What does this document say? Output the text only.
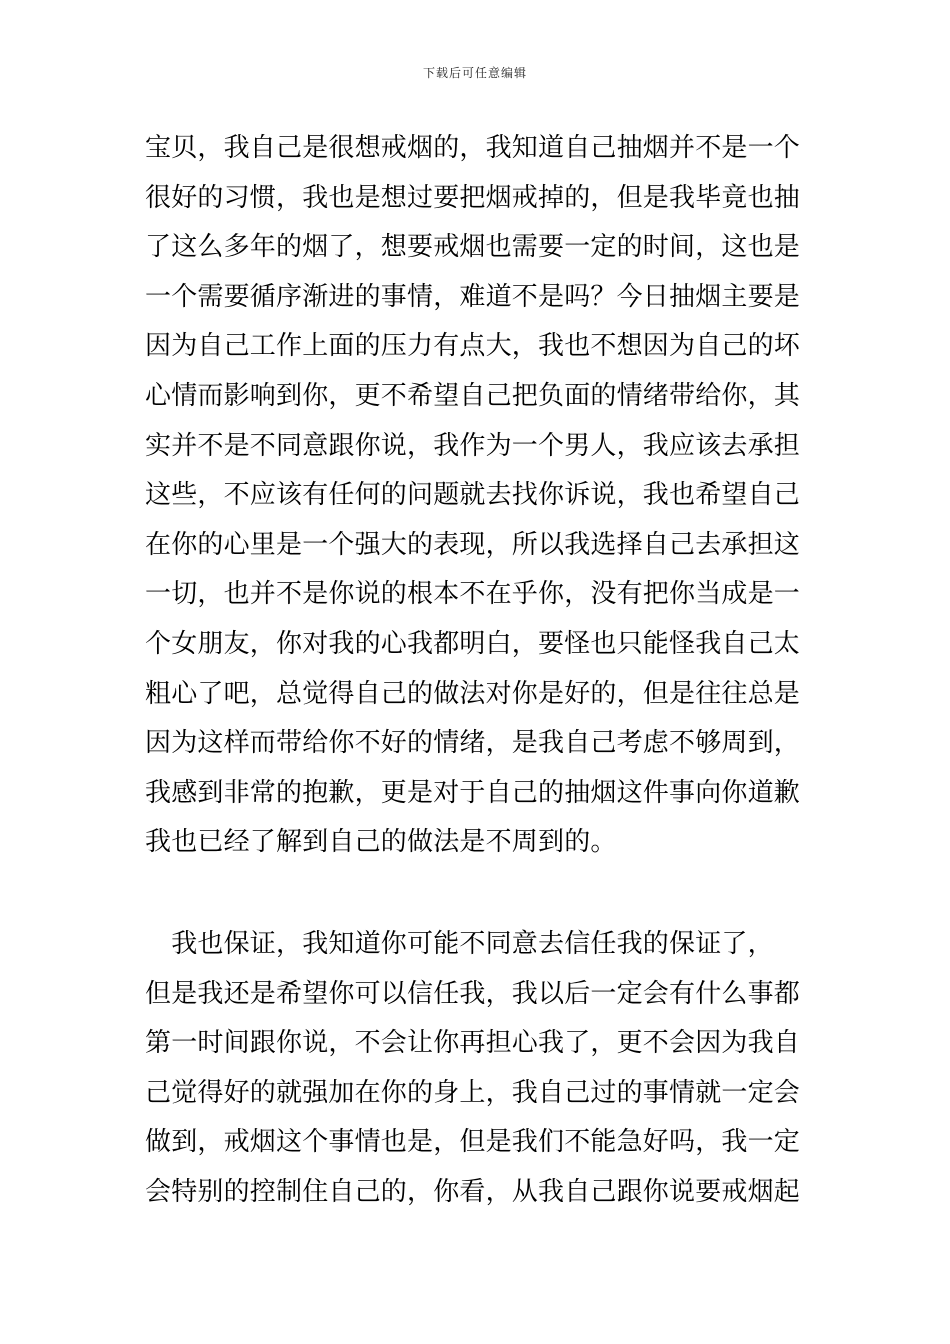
下载后可任意编辑
宝贝，我自己是很想戒烟的，我知道自己抽烟并不是一个
很好的习惯，我也是想过要把烟戒掉的，但是我毕竟也抽
了这么多年的烟了，想要戒烟也需要一定的时间，这也是
一个需要循序渐进的事情，难道不是吗？今日抽烟主要是
因为自己工作上面的压力有点大，我也不想因为自己的坏
心情而影响到你，更不希望自己把负面的情绪带给你，其
实并不是不同意跟你说，我作为一个男人，我应该去承担
这些，不应该有任何的问题就去找你诉说，我也希望自己
在你的心里是一个强大的表现，所以我选择自己去承担这
一切，也并不是你说的根本不在乎你，没有把你当成是一
个女朋友，你对我的心我都明白，要怪也只能怪我自己太
粗心了吧，总觉得自己的做法对你是好的，但是往往总是
因为这样而带给你不好的情绪，是我自己考虑不够周到，
我感到非常的抱歉，更是对于自己的抽烟这件事向你道歉
我也已经了解到自己的做法是不周到的。
　我也保证，我知道你可能不同意去信任我的保证了，
但是我还是希望你可以信任我，我以后一定会有什么事都
第一时间跟你说，不会让你再担心我了，更不会因为我自
己觉得好的就强加在你的身上，我自己过的事情就一定会
做到，戒烟这个事情也是，但是我们不能急好吗，我一定
会特别的控制住自己的，你看，从我自己跟你说要戒烟起
